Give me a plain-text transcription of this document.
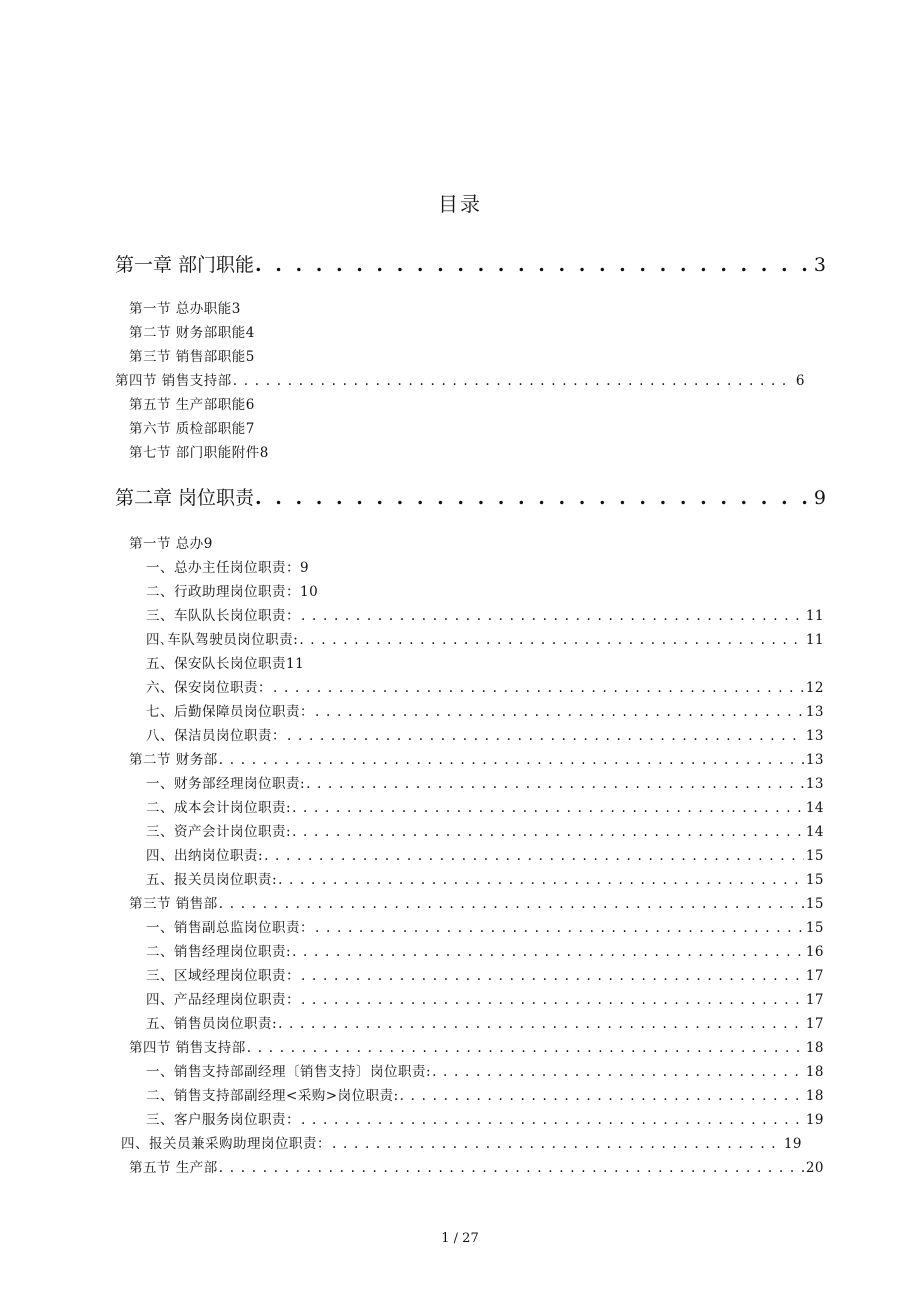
目录
第一章 部门职能 . . .	3
第一节 总办职能3
第二节 财务部职能4
第三节 销售部职能5
第四节 销售支持部 . . .	6
第五节 生产部职能6
第六节 质检部职能7
第七节 部门职能附件8
第二章 岗位职责 . . .	9
第一节 总办9
一、总办主任岗位职责：9
二、行政助理岗位职责：10
三、车队队长岗位职责： . . .	11
四､车队驾驶员岗位职责: . . .	11
五、保安队长岗位职责11
六、保安岗位职责： . . .	12
七、后勤保障员岗位职责： . . .	13
八、保洁员岗位职责： . . .	13
第二节 财务部 . . .	13
一、财务部经理岗位职责: . . .	13
二、成本会计岗位职责: . . .	14
三、资产会计岗位职责: . . .	14
四、出纳岗位职责: . . .	15
五、报关员岗位职责: . . .	15
第三节 销售部 . . .	15
一、销售副总监岗位职责： . . .	15
二、销售经理岗位职责: . . .	16
三、区域经理岗位职责： . . .	17
四、产品经理岗位职责： . . .	17
五、销售员岗位职责: . . .	17
第四节 销售支持部 . . .	18
一、销售支持部副经理〔销售支持〕岗位职责: . . .	18
二、销售支持部副经理<采购>岗位职责: . . .	18
三、客户服务岗位职责： . . .	19
四、报关员兼采购助理岗位职责： . . .	19
第五节 生产部 . . .	20
1 / 27
